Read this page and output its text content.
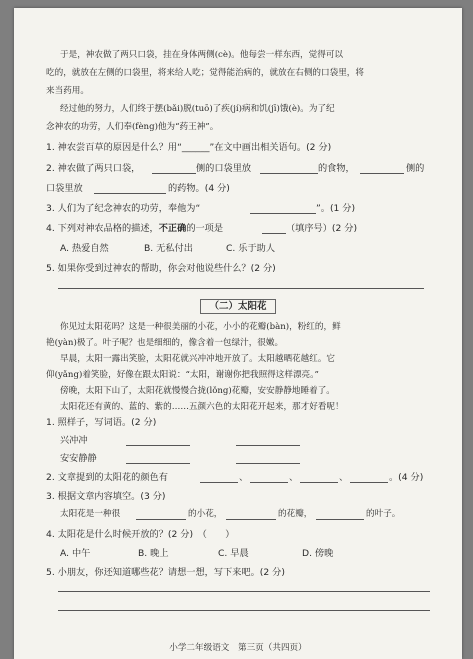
于是，神农做了两只口袋，挂在身体两侧(cè)。他每尝一样东西，觉得可以
吃的，就放在左侧的口袋里，将来给人吃；觉得能治病的，就放在右侧的口袋里，将
来当药用。
经过他的努力，人们终于摆(bǎi)脱(tuō)了疾(jí)病和饥(jī)饿(è)。为了纪
念神农的功劳，人们奉(fèng)他为“药王神”。
1. 神农尝百草的原因是什么？用“______”在文中画出相关语句。(2 分)
2. 神农做了两只口袋，	侧的口袋里放	的食物，	侧的
口袋里放	的药物。(4 分)
3. 人们为了纪念神农的功劳，奉他为“	”。(1 分)
4. 下列对神农品格的描述，不正确的一项是	（填序号）(2 分)
A. 热爱自然	B. 无私付出	C. 乐于助人
5. 如果你受到过神农的帮助，你会对他说些什么？(2 分)
（二）太阳花
你见过太阳花吗？这是一种很美丽的小花，小小的花瓣(bàn)，粉红的，鲜
艳(yàn)极了。叶子呢？也是细细的，像含着一包绿汁，很嫩。
早晨，太阳一露出笑脸，太阳花就兴冲冲地开放了。太阳越晒花越红。它
仰(yǎng)着笑脸，好像在跟太阳说：“太阳，谢谢你把我照得这样漂亮。”
傍晚，太阳下山了，太阳花就慢慢合拢(lǒng)花瓣，安安静静地睡着了。
太阳花还有黄的、蓝的、紫的……五颜六色的太阳花开起来，那才好看呢！
1. 照样子，写词语。(2 分)
兴冲冲
安安静静
2. 文章提到的太阳花的颜色有	、	、	、	。(4 分)
3. 根据文章内容填空。(3 分)
太阳花是一种很	的小花，	的花瓣，	的叶子。
4. 太阳花是什么时候开放的？(2 分)　（　　）
A. 中午	B. 晚上	C. 早晨	D. 傍晚
5. 小朋友，你还知道哪些花？请想一想，写下来吧。(2 分)
小学二年级语文　第三页（共四页）
